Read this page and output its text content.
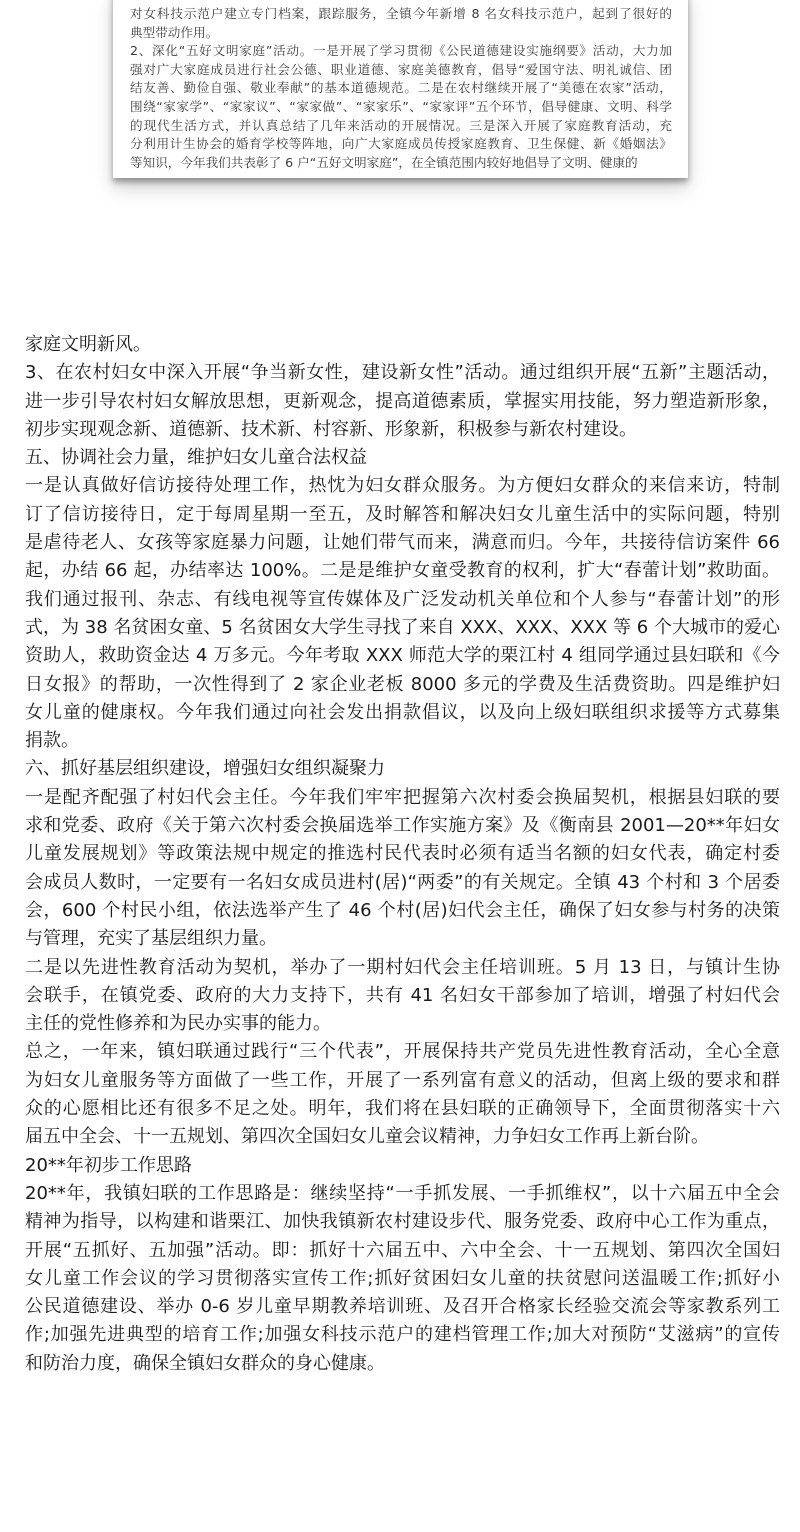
对女科技示范户建立专门档案，跟踪服务，全镇今年新增 8 名女科技示范户，起到了很好的
典型带动作用。
2、深化“五好文明家庭”活动。一是开展了学习贯彻《公民道德建设实施纲要》活动，大力加
强对广大家庭成员进行社会公德、职业道德、家庭美德教育，倡导“爱国守法、明礼诚信、团
结友善、勤俭自强、敬业奉献”的基本道德规范。二是在农村继续开展了“美德在农家”活动，
围绕“家家学”、“家家议”、“家家做”、“家家乐”、“家家评”五个环节，倡导健康、文明、科学
的现代生活方式，并认真总结了几年来活动的开展情况。三是深入开展了家庭教育活动，充
分利用计生协会的婚育学校等阵地，向广大家庭成员传授家庭教育、卫生保健、新《婚姻法》
等知识，今年我们共表彰了 6 户“五好文明家庭”，在全镇范围内较好地倡导了文明、健康的
家庭文明新风。
3、在农村妇女中深入开展“争当新女性，建设新女性”活动。通过组织开展“五新”主题活动，
进一步引导农村妇女解放思想，更新观念，提高道德素质，掌握实用技能，努力塑造新形象，
初步实现观念新、道德新、技术新、村容新、形象新，积极参与新农村建设。
五、协调社会力量，维护妇女儿童合法权益
一是认真做好信访接待处理工作，热忱为妇女群众服务。为方便妇女群众的来信来访，特制
订了信访接待日，定于每周星期一至五，及时解答和解决妇女儿童生活中的实际问题，特别
是虐待老人、女孩等家庭暴力问题，让她们带气而来，满意而归。今年，共接待信访案件 66
起，办结 66 起，办结率达 100%。二是是维护女童受教育的权利，扩大“春蕾计划”救助面。
我们通过报刊、杂志、有线电视等宣传媒体及广泛发动机关单位和个人参与“春蕾计划”的形
式，为 38 名贫困女童、5 名贫困女大学生寻找了来自 XXX、XXX、XXX 等 6 个大城市的爱心
资助人，救助资金达 4 万多元。今年考取 XXX 师范大学的栗江村 4 组同学通过县妇联和《今
日女报》的帮助，一次性得到了 2 家企业老板 8000 多元的学费及生活费资助。四是维护妇
女儿童的健康权。今年我们通过向社会发出捐款倡议，以及向上级妇联组织求援等方式募集
捐款。
六、抓好基层组织建设，增强妇女组织凝聚力
一是配齐配强了村妇代会主任。今年我们牢牢把握第六次村委会换届契机，根据县妇联的要
求和党委、政府《关于第六次村委会换届选举工作实施方案》及《衡南县 2001—20**年妇女
儿童发展规划》等政策法规中规定的推选村民代表时必须有适当名额的妇女代表，确定村委
会成员人数时，一定要有一名妇女成员进村(居)“两委”的有关规定。全镇 43 个村和 3 个居委
会，600 个村民小组，依法选举产生了 46 个村(居)妇代会主任，确保了妇女参与村务的决策
与管理，充实了基层组织力量。
二是以先进性教育活动为契机，举办了一期村妇代会主任培训班。5 月 13 日，与镇计生协
会联手，在镇党委、政府的大力支持下，共有 41 名妇女干部参加了培训，增强了村妇代会
主任的党性修养和为民办实事的能力。
总之，一年来，镇妇联通过践行“三个代表”，开展保持共产党员先进性教育活动，全心全意
为妇女儿童服务等方面做了一些工作，开展了一系列富有意义的活动，但离上级的要求和群
众的心愿相比还有很多不足之处。明年，我们将在县妇联的正确领导下，全面贯彻落实十六
届五中全会、十一五规划、第四次全国妇女儿童会议精神，力争妇女工作再上新台阶。
20**年初步工作思路
20**年，我镇妇联的工作思路是：继续坚持“一手抓发展、一手抓维权”，以十六届五中全会
精神为指导，以构建和谐栗江、加快我镇新农村建设步代、服务党委、政府中心工作为重点，
开展“五抓好、五加强”活动。即：抓好十六届五中、六中全会、十一五规划、第四次全国妇
女儿童工作会议的学习贯彻落实宣传工作;抓好贫困妇女儿童的扶贫慰问送温暖工作;抓好小
公民道德建设、举办 0-6 岁儿童早期教养培训班、及召开合格家长经验交流会等家教系列工
作;加强先进典型的培育工作;加强女科技示范户的建档管理工作;加大对预防“艾滋病”的宣传
和防治力度，确保全镇妇女群众的身心健康。
